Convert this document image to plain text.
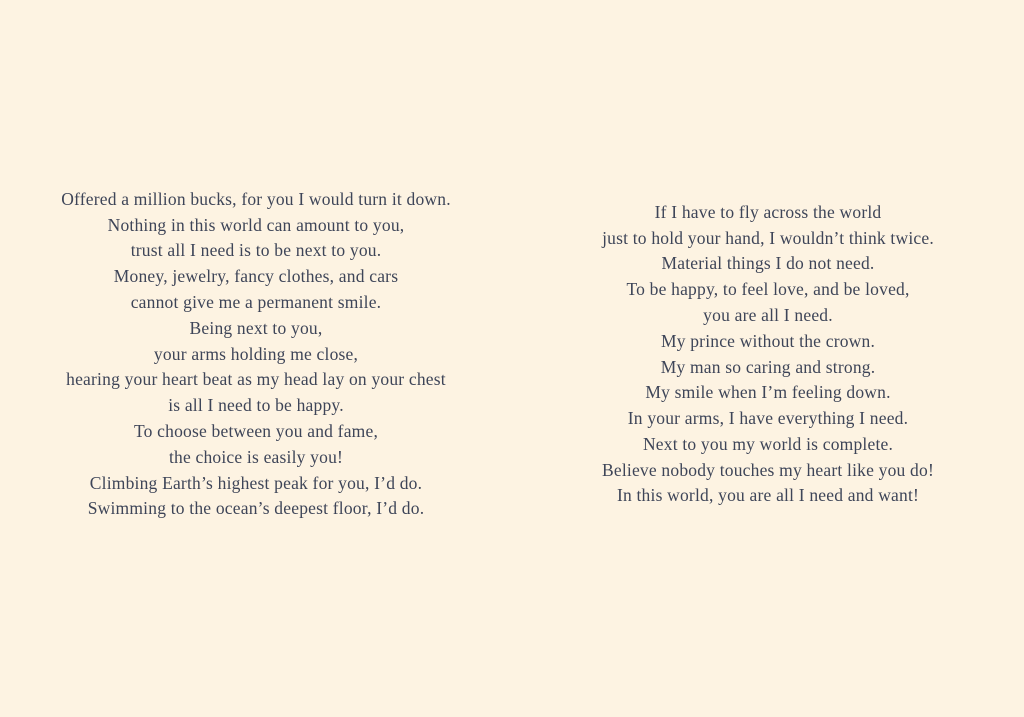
Offered a million bucks, for you I would turn it down.
Nothing in this world can amount to you,
trust all I need is to be next to you.
Money, jewelry, fancy clothes, and cars
cannot give me a permanent smile.
Being next to you,
your arms holding me close,
hearing your heart beat as my head lay on your chest
is all I need to be happy.
To choose between you and fame,
the choice is easily you!
Climbing Earth’s highest peak for you, I’d do.
Swimming to the ocean’s deepest floor, I’d do.
If I have to fly across the world
just to hold your hand, I wouldn’t think twice.
Material things I do not need.
To be happy, to feel love, and be loved,
you are all I need.
My prince without the crown.
My man so caring and strong.
My smile when I’m feeling down.
In your arms, I have everything I need.
Next to you my world is complete.
Believe nobody touches my heart like you do!
In this world, you are all I need and want!
